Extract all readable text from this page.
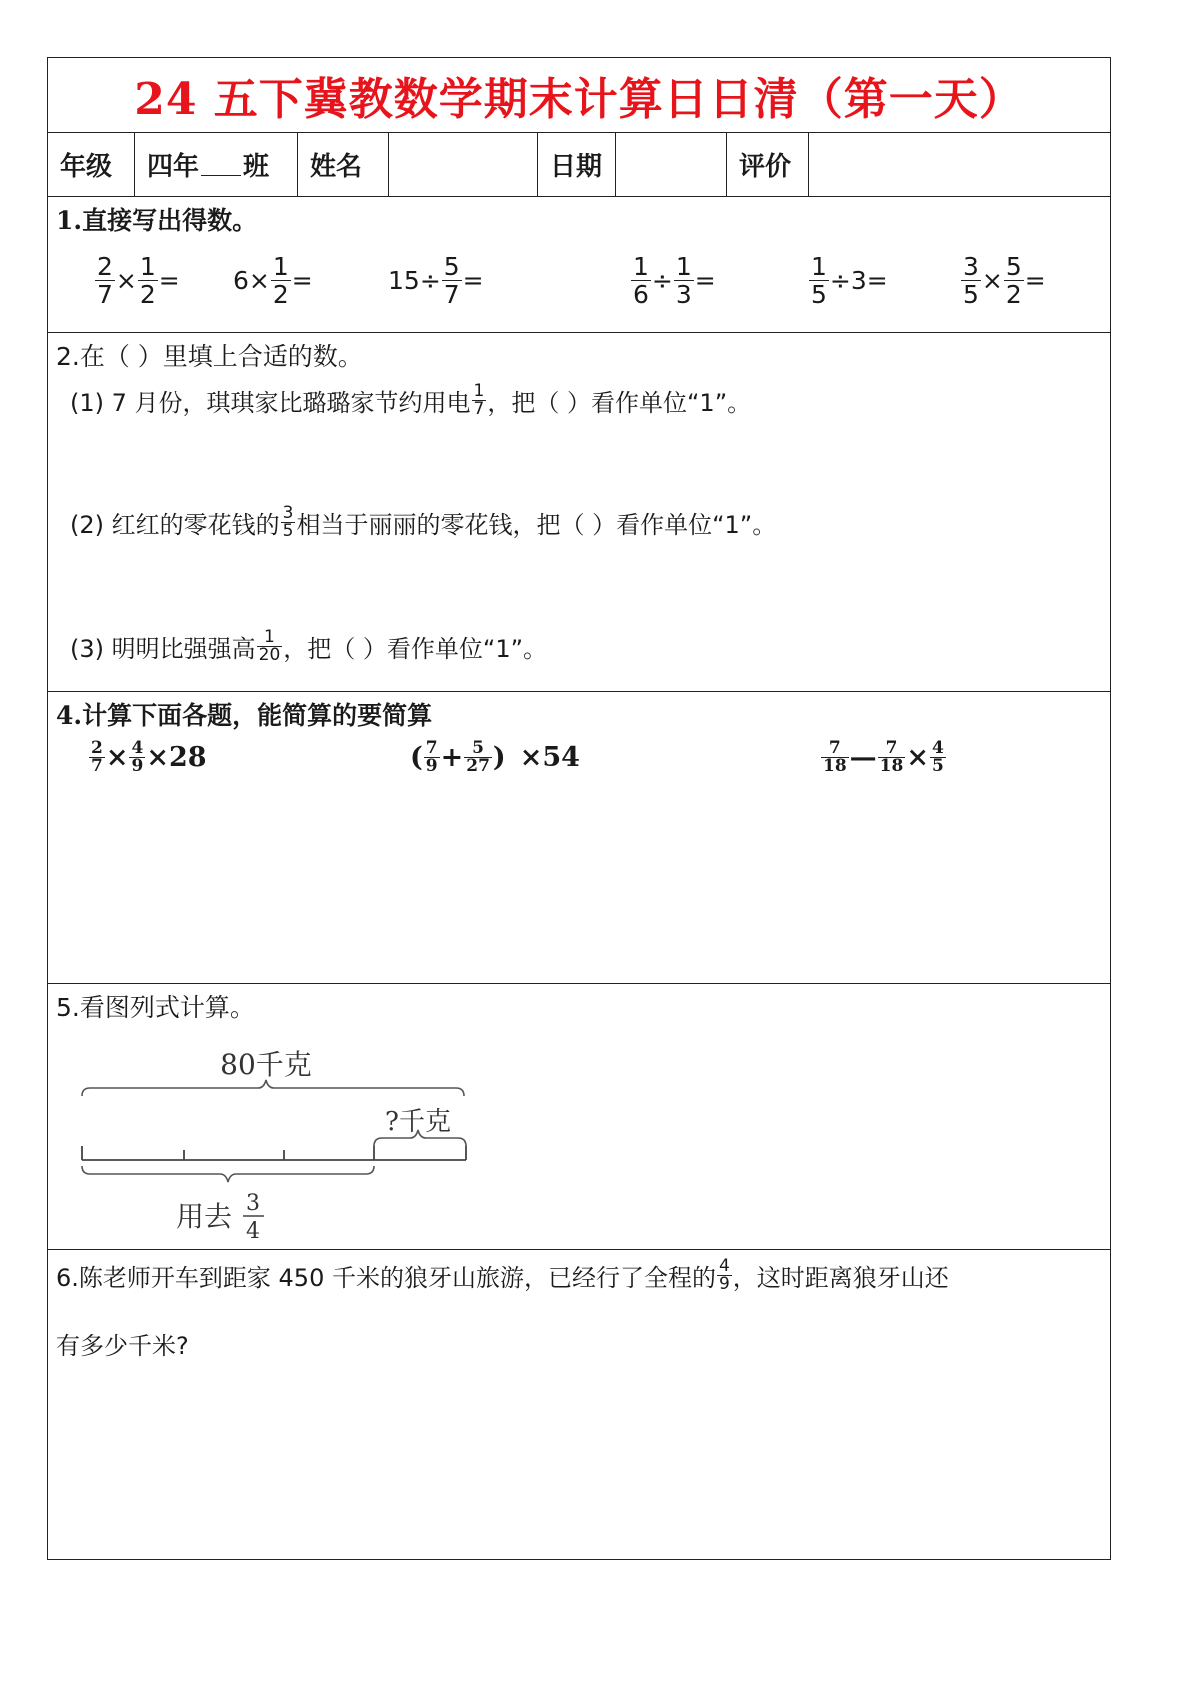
24 五下冀教数学期末计算日日清（第一天）
年级 四年 班 姓名	日期	评价
1.直接写出得数。
$\frac{2}{7} \times \frac{1}{2} = 6 \times \frac{1}{2}$ =	$15 \div \frac{5}{7}$ =	$\frac{1}{6} \div \frac{1}{3}$ =	$\frac{1}{5} \div 3$ =	$\frac{3}{5} \times \frac{5}{2}$ =
2.在（ ）里填上合适的数。
(1) 7 月份，琪琪家比璐璐家节约用电 $\frac{1}{7}$ ，把（ ）看作单位“1”。
(2) 红红的零花钱的 $\frac{3}{5}$ 相当于丽丽的零花钱，把（ ）看作单位“1”。
(3) 明明比强强高 $\frac{1}{20}$ ，把（ ）看作单位“1”。
4.计算下面各题，能简算的要简算
$\frac{2}{7} \times \frac{4}{9} \times 28$	( $\frac{7}{9} + \frac{5}{27}$ ) × 54	$\frac{7}{18}$ — $\frac{7}{18} \times \frac{4}{5}$
5.看图列式计算。
80千克
?千克
用去 3
4
6.陈老师开车到距家 450 千米的狼牙山旅游，已经行了全程的 $\frac{4}{9}$ ，这时距离狼牙山还
有多少千米?
